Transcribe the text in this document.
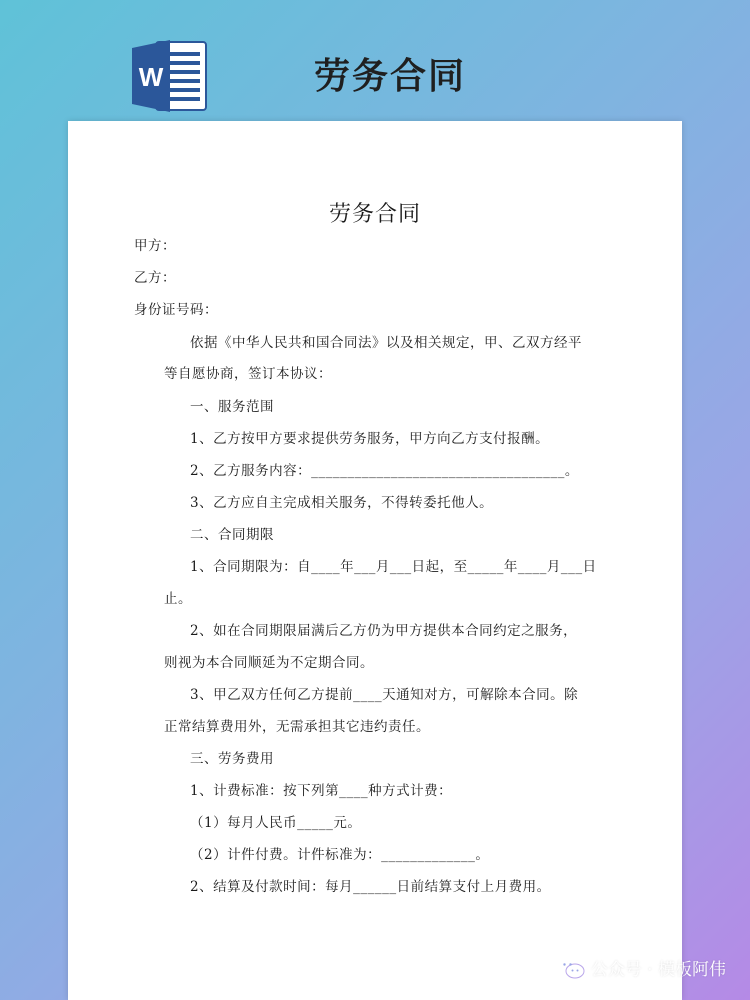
W	劳务合同
劳务合同
甲方：
乙方：
身份证号码：
依据《中华人民共和国合同法》以及相关规定，甲、乙双方经平
等自愿协商，签订本协议：
一、服务范围
1、乙方按甲方要求提供劳务服务，甲方向乙方支付报酬。
2、乙方服务内容：___________________________________。
3、乙方应自主完成相关服务，不得转委托他人。
二、合同期限
1、合同期限为：自____年___月___日起，至_____年____月___日
止。
2、如在合同期限届满后乙方仍为甲方提供本合同约定之服务，
则视为本合同顺延为不定期合同。
3、甲乙双方任何乙方提前____天通知对方，可解除本合同。除
正常结算费用外，无需承担其它违约责任。
三、劳务费用
1、计费标准：按下列第____种方式计费：
（1）每月人民币_____元。
（2）计件付费。计件标准为：_____________。
2、结算及付款时间：每月______日前结算支付上月费用。
公众号 · 模板阿伟
